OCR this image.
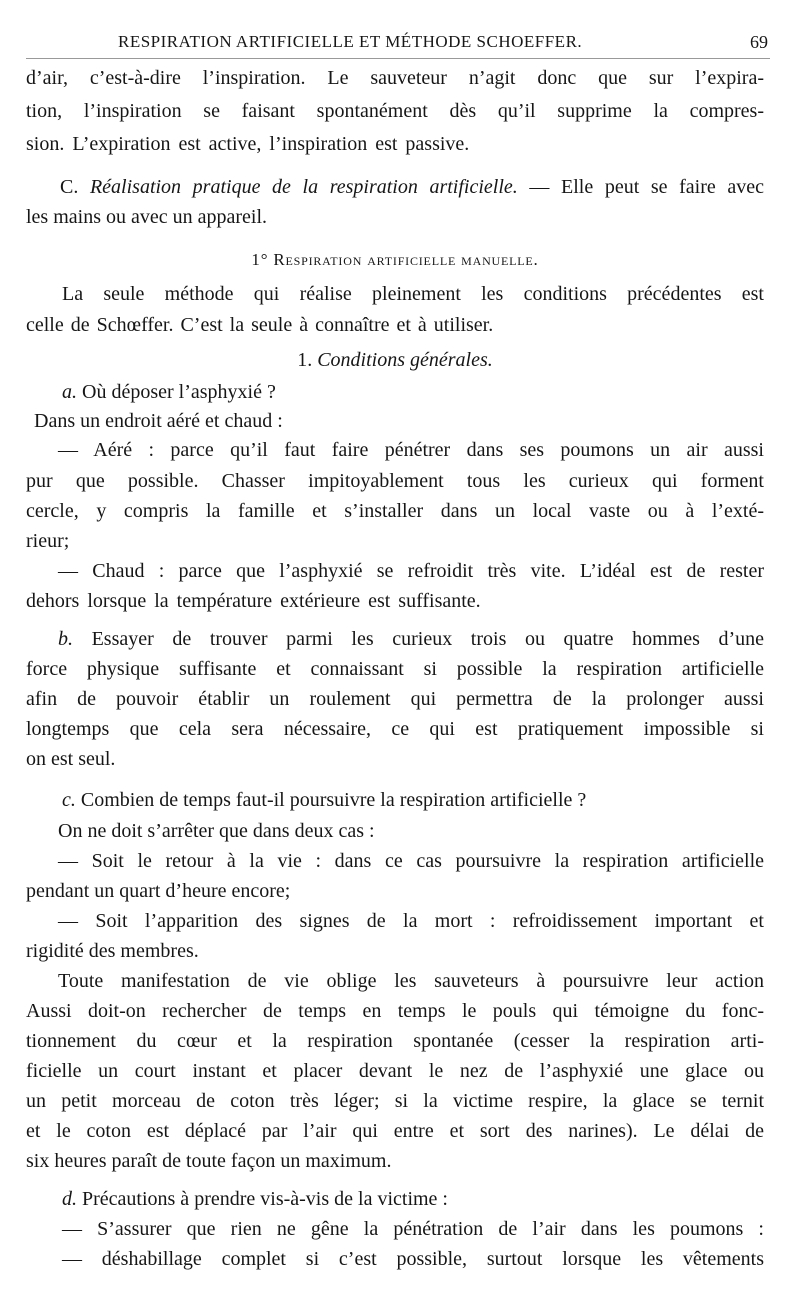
RESPIRATION ARTIFICIELLE ET MÉTHODE SCHOEFFER.	69
d’air, c’est-à-dire l’inspiration. Le sauveteur n’agit donc que sur l’expira-
tion, l’inspiration se faisant spontanément dès qu’il supprime la compres-
sion. L’expiration est active, l’inspiration est passive.
C. Réalisation pratique de la respiration artificielle. — Elle peut se faire avec
les mains ou avec un appareil.
1° Respiration artificielle manuelle.
La seule méthode qui réalise pleinement les conditions précédentes est
celle de Schœffer. C’est la seule à connaître et à utiliser.
1. Conditions générales.
a. Où déposer l’asphyxié ?
Dans un endroit aéré et chaud :
— Aéré : parce qu’il faut faire pénétrer dans ses poumons un air aussi
pur que possible. Chasser impitoyablement tous les curieux qui forment
cercle, y compris la famille et s’installer dans un local vaste ou à l’exté-
rieur;
— Chaud : parce que l’asphyxié se refroidit très vite. L’idéal est de rester
dehors lorsque la température extérieure est suffisante.
b. Essayer de trouver parmi les curieux trois ou quatre hommes d’une
force physique suffisante et connaissant si possible la respiration artificielle
afin de pouvoir établir un roulement qui permettra de la prolonger aussi
longtemps que cela sera nécessaire, ce qui est pratiquement impossible si
on est seul.
c. Combien de temps faut-il poursuivre la respiration artificielle ?
On ne doit s’arrêter que dans deux cas :
— Soit le retour à la vie : dans ce cas poursuivre la respiration artificielle
pendant un quart d’heure encore;
— Soit l’apparition des signes de la mort : refroidissement important et
rigidité des membres.
Toute manifestation de vie oblige les sauveteurs à poursuivre leur action
Aussi doit-on rechercher de temps en temps le pouls qui témoigne du fonc-
tionnement du cœur et la respiration spontanée (cesser la respiration arti-
ficielle un court instant et placer devant le nez de l’asphyxié une glace ou
un petit morceau de coton très léger; si la victime respire, la glace se ternit
et le coton est déplacé par l’air qui entre et sort des narines). Le délai de
six heures paraît de toute façon un maximum.
d. Précautions à prendre vis-à-vis de la victime :
— S’assurer que rien ne gêne la pénétration de l’air dans les poumons :
— déshabillage complet si c’est possible, surtout lorsque les vêtements
